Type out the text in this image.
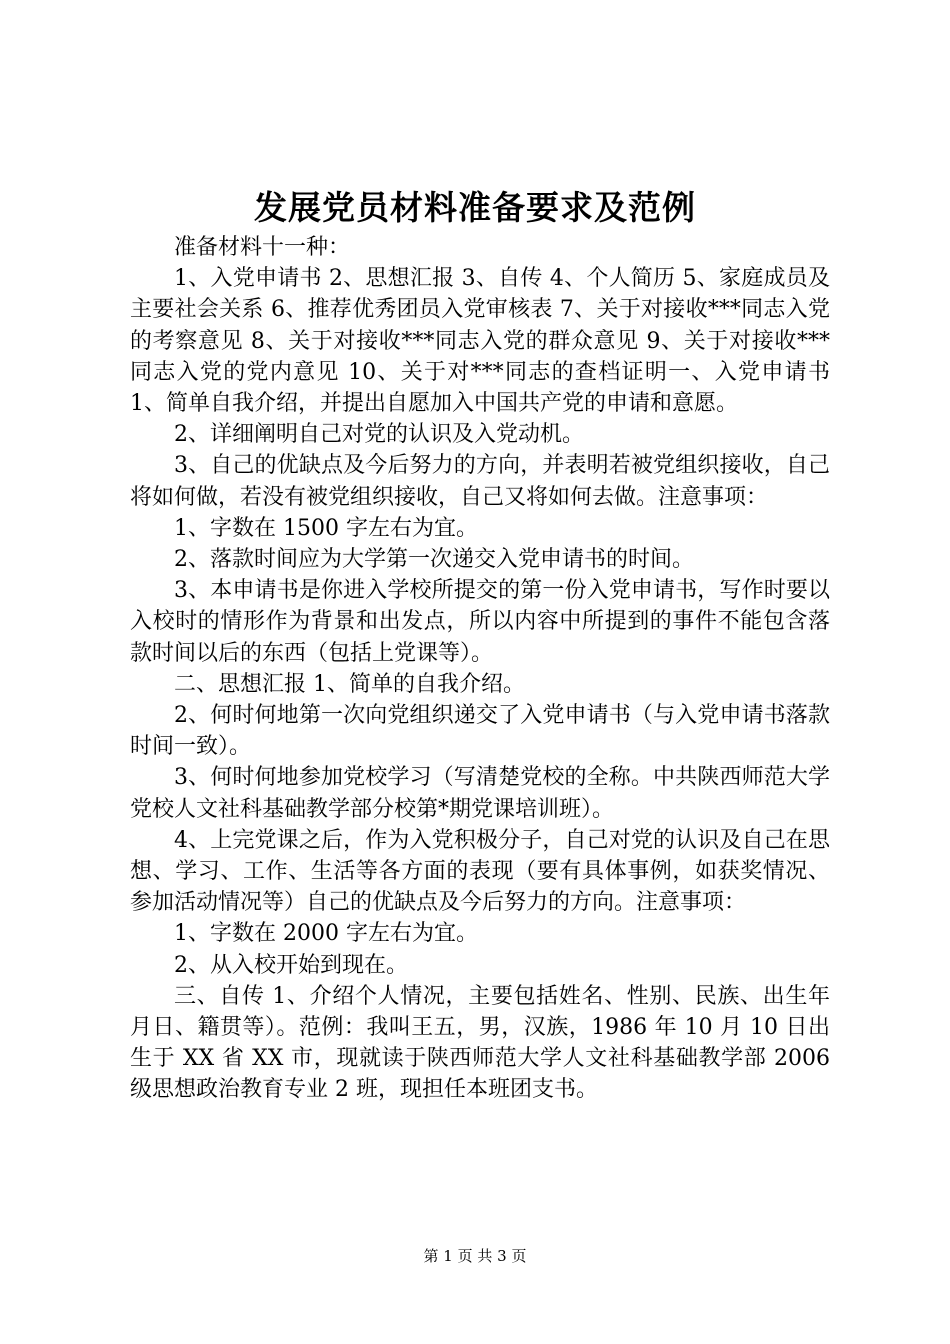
发展党员材料准备要求及范例

准备材料十一种：

1、入党申请书 2、思想汇报 3、自传 4、个人简历 5、家庭成员及主要社会关系 6、推荐优秀团员入党审核表 7、关于对接收***同志入党的考察意见 8、关于对接收***同志入党的群众意见 9、关于对接收***同志入党的党内意见 10、关于对***同志的查档证明一、入党申请书 1、简单自我介绍，并提出自愿加入中国共产党的申请和意愿。

2、详细阐明自己对党的认识及入党动机。

3、自己的优缺点及今后努力的方向，并表明若被党组织接收，自己将如何做，若没有被党组织接收，自己又将如何去做。注意事项：

1、字数在 1500 字左右为宜。

2、落款时间应为大学第一次递交入党申请书的时间。

3、本申请书是你进入学校所提交的第一份入党申请书，写作时要以入校时的情形作为背景和出发点，所以内容中所提到的事件不能包含落款时间以后的东西（包括上党课等）。

二、思想汇报 1、简单的自我介绍。

2、何时何地第一次向党组织递交了入党申请书（与入党申请书落款时间一致）。

3、何时何地参加党校学习（写清楚党校的全称。中共陕西师范大学党校人文社科基础教学部分校第*期党课培训班）。

4、上完党课之后，作为入党积极分子，自己对党的认识及自己在思想、学习、工作、生活等各方面的表现（要有具体事例，如获奖情况、参加活动情况等）自己的优缺点及今后努力的方向。注意事项：

1、字数在 2000 字左右为宜。

2、从入校开始到现在。

三、自传 1、介绍个人情况，主要包括姓名、性别、民族、出生年月日、籍贯等）。范例：我叫王五，男，汉族，1986 年 10 月 10 日出生于 XX 省 XX 市，现就读于陕西师范大学人文社科基础教学部 2006 级思想政治教育专业 2 班，现担任本班团支书。

第 1 页 共 3 页
